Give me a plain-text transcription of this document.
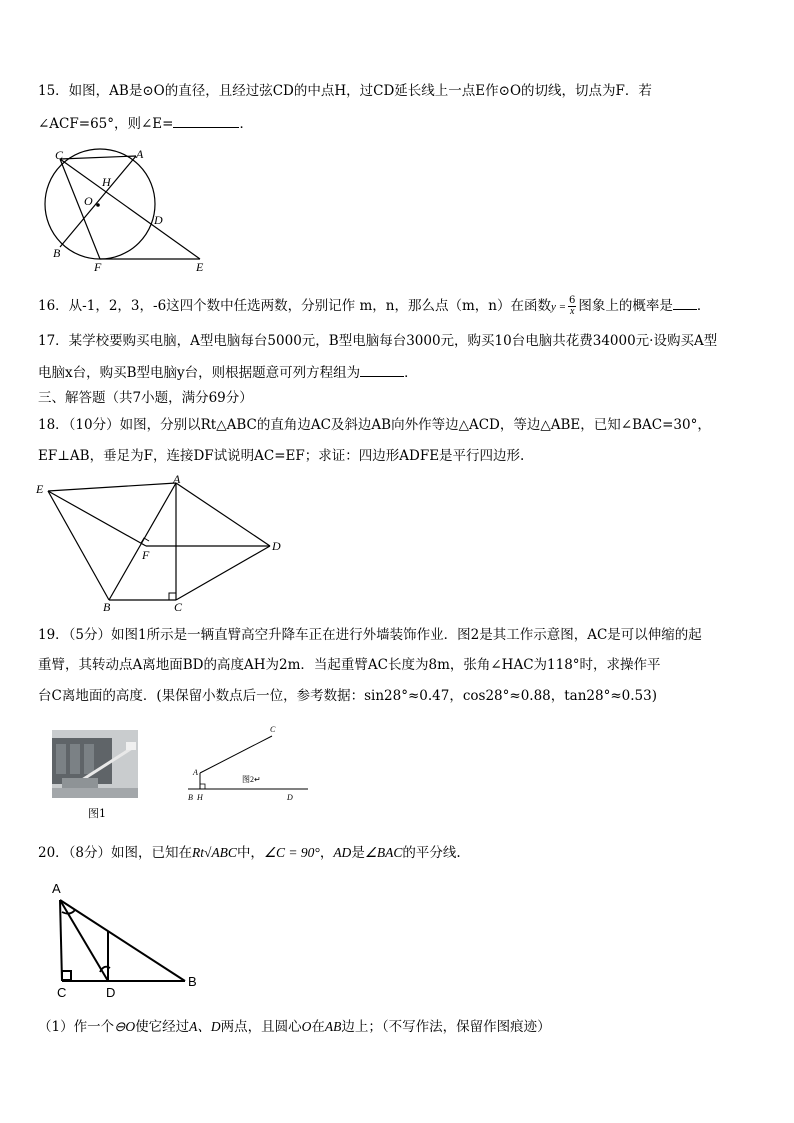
15．如图，AB是⊙O的直径，且经过弦CD的中点H，过CD延长线上一点E作⊙O的切线，切点为F．若
∠ACF=65°，则∠E=	．
C	A
H
O
D
B
F	E
16．从-1，2，3，-6这四个数中任选两数，分别记作 m，n，那么点（m，n）在函数$y = \frac{6}{x}$ 图象上的概率是 ．
17．某学校要购买电脑，A型电脑每台5000元，B型电脑每台3000元，购买10台电脑共花费34000元·设购买A型
电脑x台，购买B型电脑y台，则根据题意可列方程组为	．
三、解答题（共7小题，满分69分）
18．（10分）如图，分别以Rt△ABC的直角边AC及斜边AB向外作等边△ACD，等边△ABE，已知∠BAC=30°，
EF⊥AB，垂足为F，连接DF试说明AC=EF；求证：四边形ADFE是平行四边形.
E
A
F
D
B	C
19．（5分）如图1所示是一辆直臂高空升降车正在进行外墙装饰作业．图2是其工作示意图，AC是可以伸缩的起
重臂，其转动点A离地面BD的高度AH为2m．当起重臂AC长度为8m，张角∠HAC为118°时，求操作平
台C离地面的高度．(果保留小数点后一位，参考数据：sin28°≈0.47，cos28°≈0.88，tan28°≈0.53)
图1
C
A
B H	D
图2↵
20．（8分）如图，已知在Rt√ABC中，∠C = 90°，AD是∠BAC的平分线.
A
C	D
B
（1）作一个⊖O使它经过A、D两点，且圆心O在AB边上；（不写作法，保留作图痕迹）
